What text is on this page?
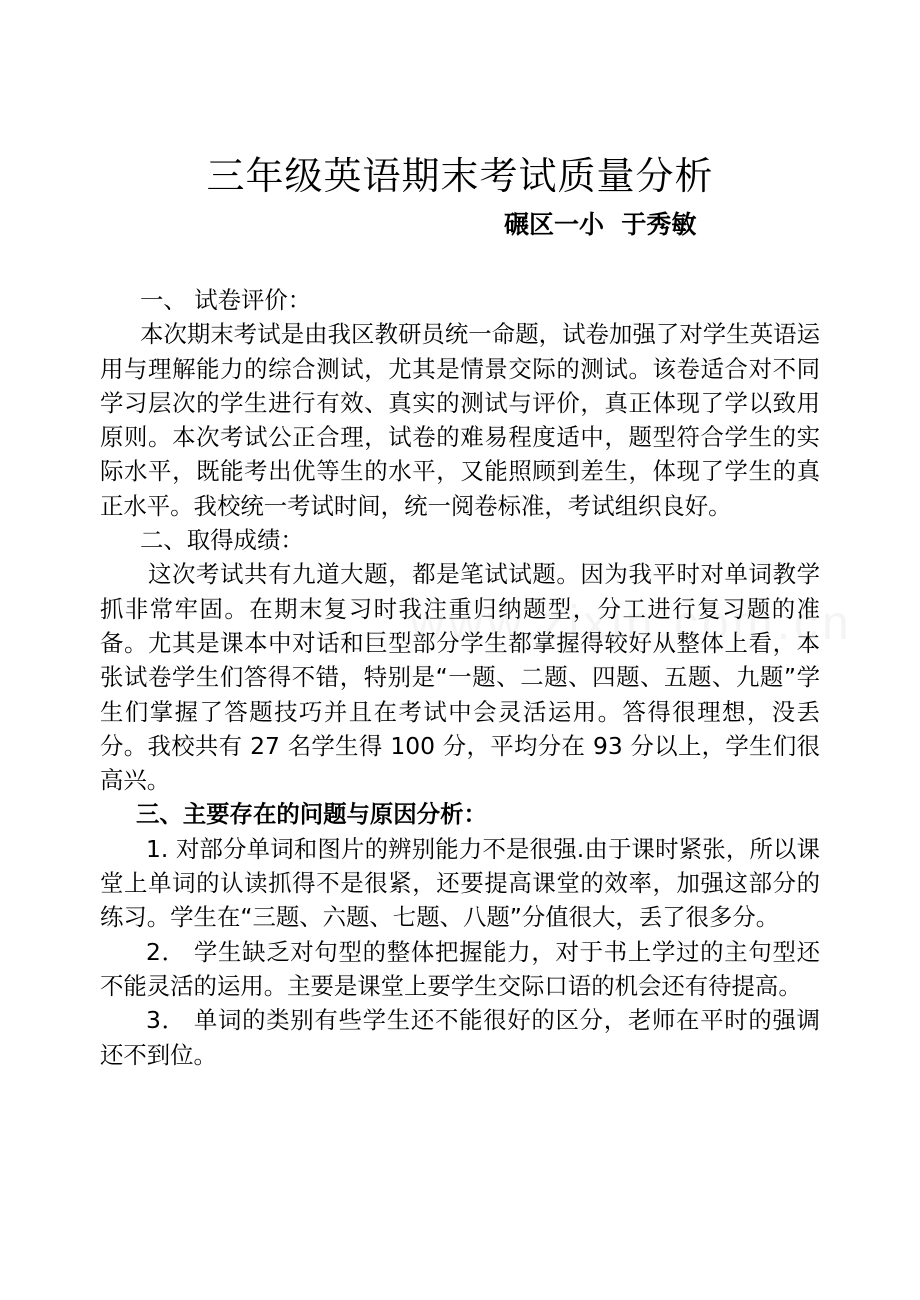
三年级英语期末考试质量分析
碾区一小  于秀敏

一、 试卷评价：

本次期末考试是由我区教研员统一命题，试卷加强了对学生英语运用与理解能力的综合测试，尤其是情景交际的测试。该卷适合对不同学习层次的学生进行有效、真实的测试与评价，真正体现了学以致用原则。本次考试公正合理，试卷的难易程度适中，题型符合学生的实际水平，既能考出优等生的水平，又能照顾到差生，体现了学生的真正水平。我校统一考试时间，统一阅卷标准，考试组织良好。

二、取得成绩：

这次考试共有九道大题，都是笔试试题。因为我平时对单词教学抓非常牢固。在期末复习时我注重归纳题型，分工进行复习题的准备。尤其是课本中对话和巨型部分学生都掌握得较好从整体上看，本张试卷学生们答得不错，特别是“一题、二题、四题、五题、九题”学生们掌握了答题技巧并且在考试中会灵活运用。答得很理想，没丢分。我校共有 27 名学生得 100 分，平均分在 93 分以上，学生们很高兴。

三、主要存在的问题与原因分析：

1. 对部分单词和图片的辨别能力不是很强.由于课时紧张，所以课堂上单词的认读抓得不是很紧，还要提高课堂的效率，加强这部分的练习。学生在“三题、六题、七题、八题”分值很大，丢了很多分。

2． 学生缺乏对句型的整体把握能力，对于书上学过的主句型还不能灵活的运用。主要是课堂上要学生交际口语的机会还有待提高。

3． 单词的类别有些学生还不能很好的区分，老师在平时的强调还不到位。
